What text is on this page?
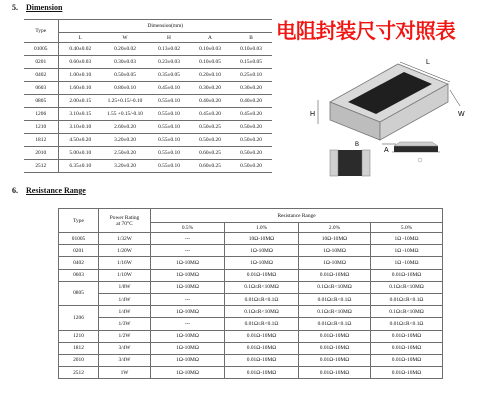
5. Dimension
电阻封装尺寸对照表
Type	Dimension(mm)				
	L	W	H	A	B
01005	0.40±0.02	0.20±0.02	0.13±0.02	0.10±0.03	0.10±0.03
0201	0.60±0.03	0.30±0.03	0.23±0.03	0.10±0.05	0.15±0.05
0402	1.00±0.10	0.50±0.05	0.35±0.05	0.20±0.10	0.25±0.10
0603	1.60±0.10	0.80±0.10	0.45±0.10	0.30±0.20	0.30±0.20
0805	2.00±0.15	1.25+0.15/-0.10	0.55±0.10	0.40±0.20	0.40±0.20
1206	3.10±0.15	1.55 +0.15/-0.10	0.55±0.10	0.45±0.20	0.45±0.20
1210	3.10±0.10	2.60±0.20	0.55±0.10	0.50±0.25	0.50±0.20
1812	4.50±0.20	3.20±0.20	0.55±0.10	0.50±0.20	0.50±0.20
2010	5.00±0.10	2.50±0.20	0.55±0.10	0.60±0.25	0.50±0.20
2512	6.35±0.10	3.20±0.20	0.55±0.10	0.60±0.25	0.50±0.20
L
H	W
A
B
6. Resistance Range
Type	Power Rating
at 70°C	Resistance Range			
		0.5%	1.0%	2.0%	5.0%
01005	1/32W	---	10Ω-10MΩ	10Ω-10MΩ	1Ω -10MΩ
0201	1/20W	---	1Ω-10MΩ	1Ω-10MΩ	1Ω -10MΩ
0402	1/16W	1Ω-10MΩ	1Ω-10MΩ	1Ω-10MΩ	1Ω -10MΩ
0603	1/10W	1Ω-10MΩ	0.01Ω-10MΩ	0.01Ω-10MΩ	0.01Ω-10MΩ
0805	1/8W	1Ω-10MΩ	0.1Ω≤R<10MΩ	0.1Ω≤R<10MΩ	0.1Ω≤R<10MΩ
	1/4W	---	0.01Ω≤R<0.1Ω	0.01Ω≤R<0.1Ω	0.01Ω≤R<0.1Ω
1206	1/4W	1Ω-10MΩ	0.1Ω≤R<10MΩ	0.1Ω≤R<10MΩ	0.1Ω≤R<10MΩ
	1/3W	---	0.01Ω≤R<0.1Ω	0.01Ω≤R<0.1Ω	0.01Ω≤R<0.1Ω
1210	1/2W	1Ω-10MΩ	0.01Ω-10MΩ	0.01Ω-10MΩ	0.01Ω-10MΩ
1812	3/4W	1Ω-10MΩ	0.01Ω-10MΩ	0.01Ω-10MΩ	0.01Ω-10MΩ
2010	3/4W	1Ω-10MΩ	0.01Ω-10MΩ	0.01Ω-10MΩ	0.01Ω-10MΩ
2512	1W	1Ω-10MΩ	0.01Ω-10MΩ	0.01Ω-10MΩ	0.01Ω-10MΩ
